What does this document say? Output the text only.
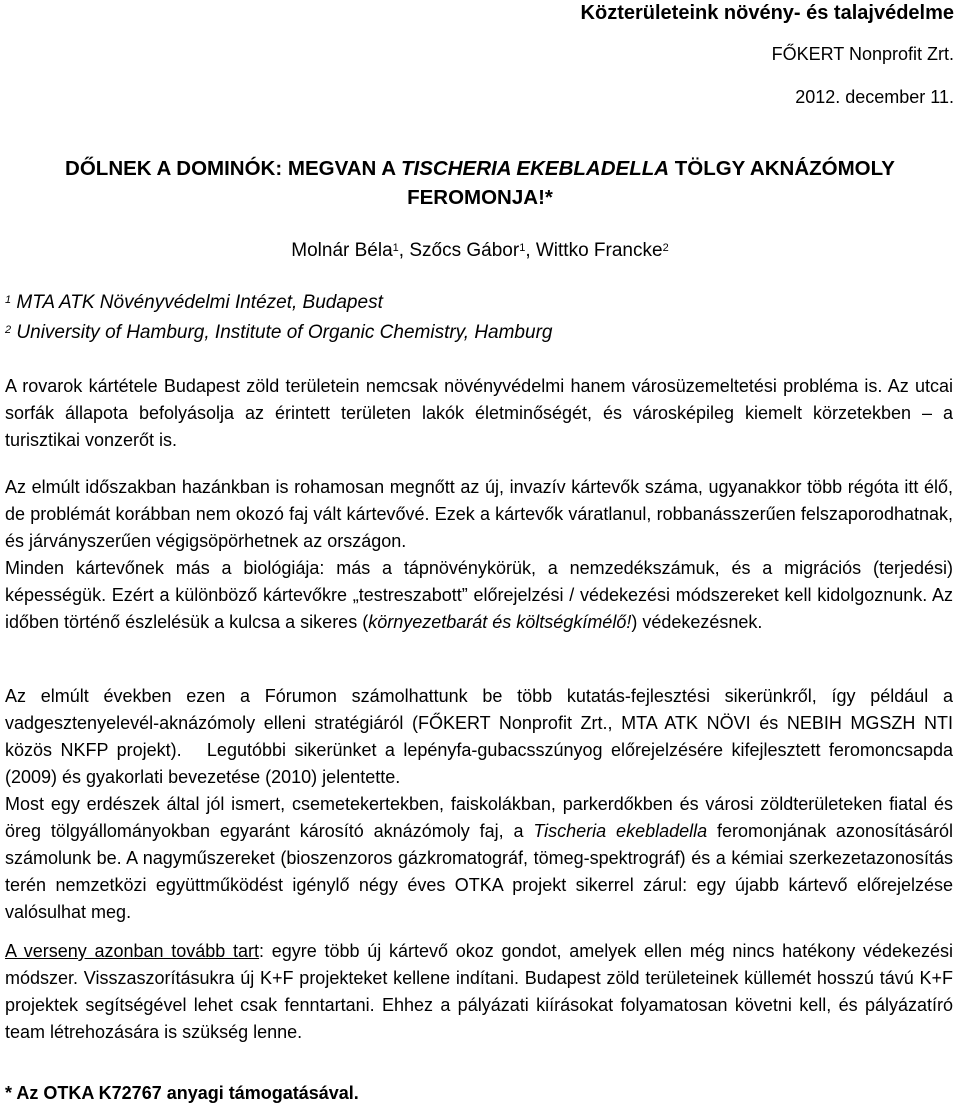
Közterületeink növény- és talajvédelme
FŐKERT Nonprofit Zrt.
2012. december 11.
DŐLNEK A DOMINÓK: MEGVAN A TISCHERIA EKEBLADELLA TÖLGY AKNÁZÓMOLY
FEROMONJA!*
Molnár Béla$^1$, Szőcs Gábor$^1$, Wittko Francke$^2$
$^1$ MTA ATK Növényvédelmi Intézet, Budapest
$^2$ University of Hamburg, Institute of Organic Chemistry, Hamburg

A rovarok kártétele Budapest zöld területein nemcsak növényvédelmi hanem városüzemeltetési probléma is. Az utcai sorfák állapota befolyásolja az érintett területen lakók életminőségét, és városképileg kiemelt körzetekben – a turisztikai vonzerőt is.

Az elmúlt időszakban hazánkban is rohamosan megnőtt az új, invazív kártevők száma, ugyanakkor több régóta itt élő, de problémát korábban nem okozó faj vált kártevővé. Ezek a kártevők váratlanul, robbanásszerűen felszaporodhatnak, és járványszerűen végigsöpörhetnek az országon.

Minden kártevőnek más a biológiája: más a tápnövénykörük, a nemzedékszámuk, és a migrációs (terjedési) képességük. Ezért a különböző kártevőkre „testreszabott” előrejelzési / védekezési módszereket kell kidolgoznunk. Az időben történő észlelésük a kulcsa a sikeres (környezetbarát és költségkímélő!) védekezésnek.

Az elmúlt években ezen a Fórumon számolhattunk be több kutatás-fejlesztési sikerünkről, így például a vadgesztenyelevél-aknázómoly elleni stratégiáról (FŐKERT Nonprofit Zrt., MTA ATK NÖVI és NEBIH MGSZH NTI közös NKFP projekt).   Legutóbbi sikerünket a lepényfa-gubacsszúnyog előrejelzésére kifejlesztett feromoncsapda (2009) és gyakorlati bevezetése (2010) jelentette.

Most egy erdészek által jól ismert, csemetekertekben, faiskolákban, parkerdőkben és városi zöldterületeken fiatal és öreg tölgyállományokban egyaránt károsító aknázómoly faj, a Tischeria ekebladella feromonjának azonosításáról számolunk be. A nagyműszereket (bioszenzoros gázkromatográf, tömeg-spektrográf) és a kémiai szerkezetazonosítás terén nemzetközi együttműködést igénylő négy éves OTKA projekt sikerrel zárul: egy újabb kártevő előrejelzése valósulhat meg.

A verseny azonban tovább tart: egyre több új kártevő okoz gondot, amelyek ellen még nincs hatékony védekezési módszer. Visszaszorításukra új K+F projekteket kellene indítani. Budapest zöld területeinek küllemét hosszú távú K+F projektek segítségével lehet csak fenntartani. Ehhez a pályázati kiírásokat folyamatosan követni kell, és pályázatíró team létrehozására is szükség lenne.

* Az OTKA K72767 anyagi támogatásával.
